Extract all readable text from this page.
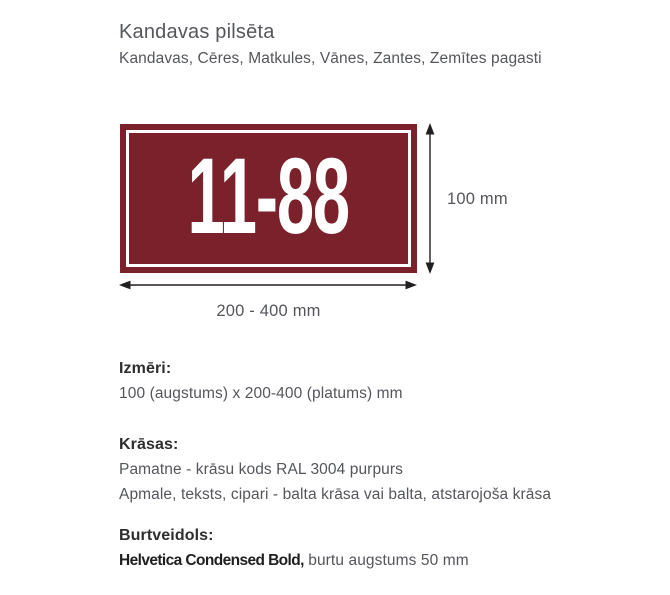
Kandavas pilsēta
Kandavas, Cēres, Matkules, Vānes, Zantes, Zemītes pagasti
11-88	100 mm
200 - 400 mm
Izmēri:
100 (augstums) x 200-400 (platums) mm
Krāsas:
Pamatne - krāsu kods RAL 3004 purpurs
Apmale, teksts, cipari - balta krāsa vai balta, atstarojoša krāsa
Burtveidols:
Helvetica Condensed Bold, burtu augstums 50 mm
